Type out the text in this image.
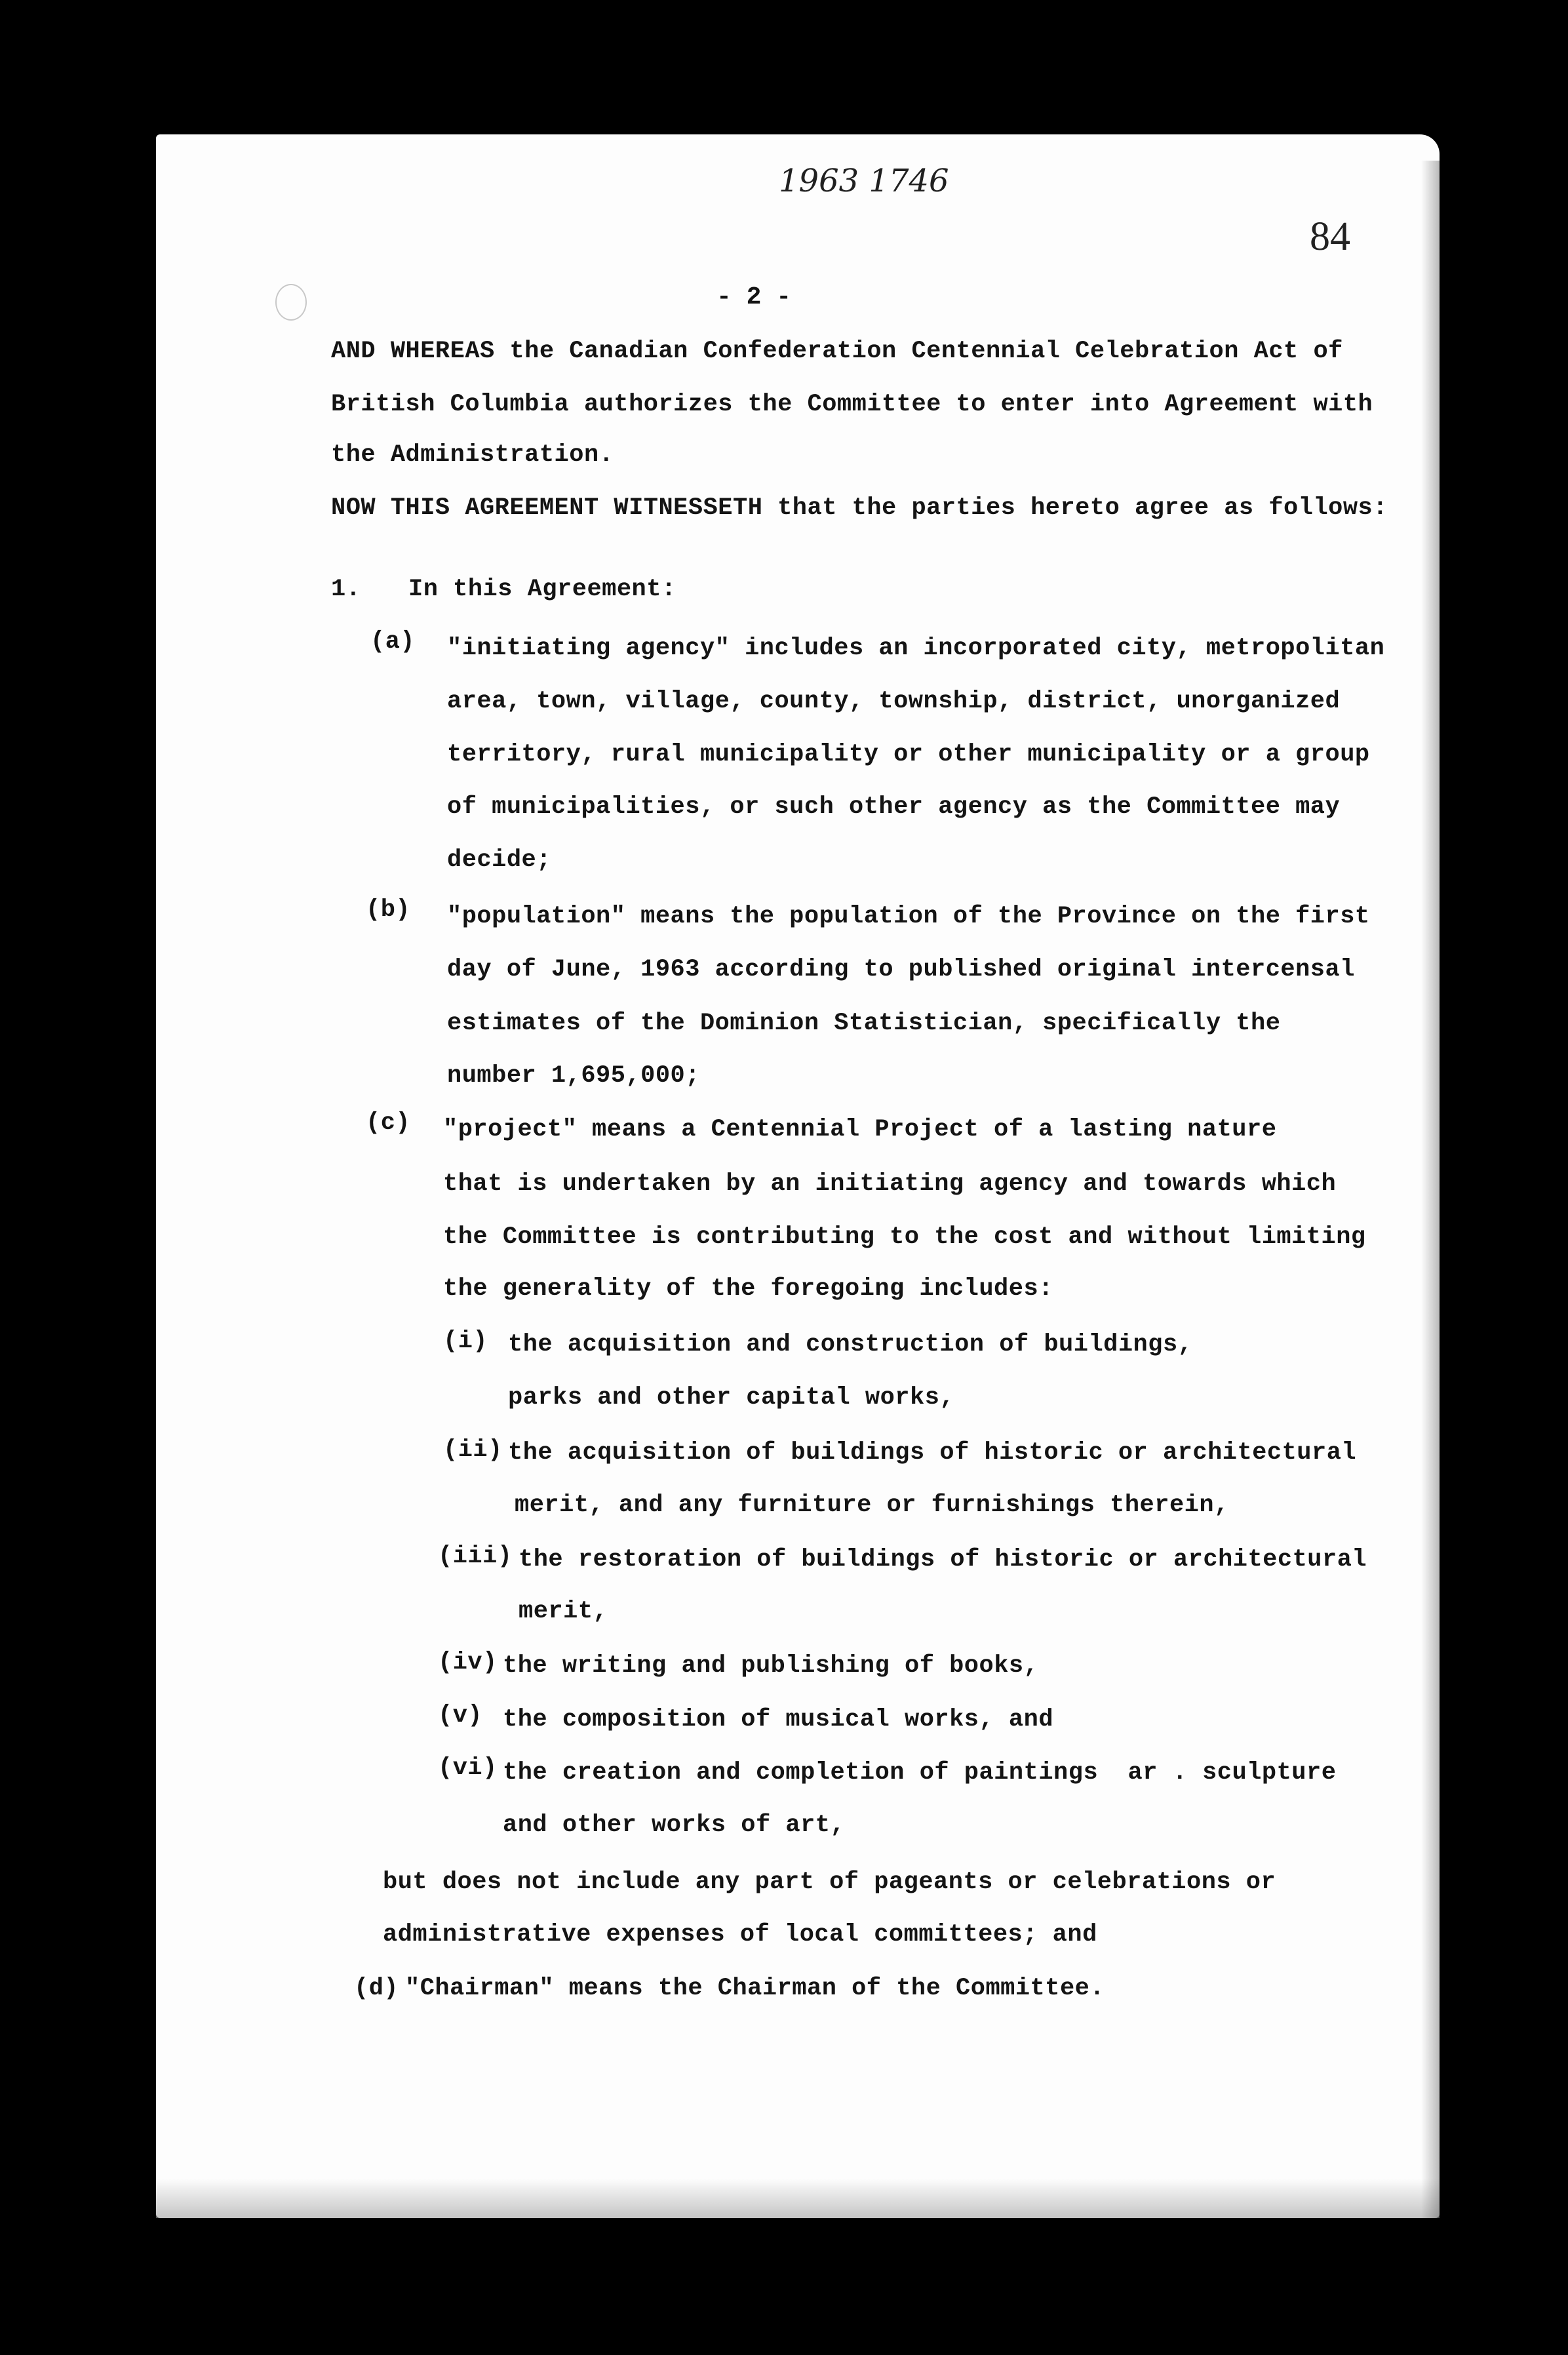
1963 1746
84
- 2 -
AND WHEREAS the Canadian Confederation Centennial Celebration Act of
British Columbia authorizes the Committee to enter into Agreement with
the Administration.
NOW THIS AGREEMENT WITNESSETH that the parties hereto agree as follows:
1. In this Agreement:
(a) "initiating agency" includes an incorporated city, metropolitan
area, town, village, county, township, district, unorganized
territory, rural municipality or other municipality or a group
of municipalities, or such other agency as the Committee may
decide;
(b) "population" means the population of the Province on the first
day of June, 1963 according to published original intercensal
estimates of the Dominion Statistician, specifically the
number 1,695,000;
(c) "project" means a Centennial Project of a lasting nature
that is undertaken by an initiating agency and towards which
the Committee is contributing to the cost and without limiting
the generality of the foregoing includes:
(i) the acquisition and construction of buildings,
parks and other capital works,
(ii) the acquisition of buildings of historic or architectural
merit, and any furniture or furnishings therein,
(iii) the restoration of buildings of historic or architectural
merit,
(iv) the writing and publishing of books,
(v) the composition of musical works, and
(vi) the creation and completion of paintings  ar . sculpture
and other works of art,
but does not include any part of pageants or celebrations or
administrative expenses of local committees; and
(d) "Chairman" means the Chairman of the Committee.
